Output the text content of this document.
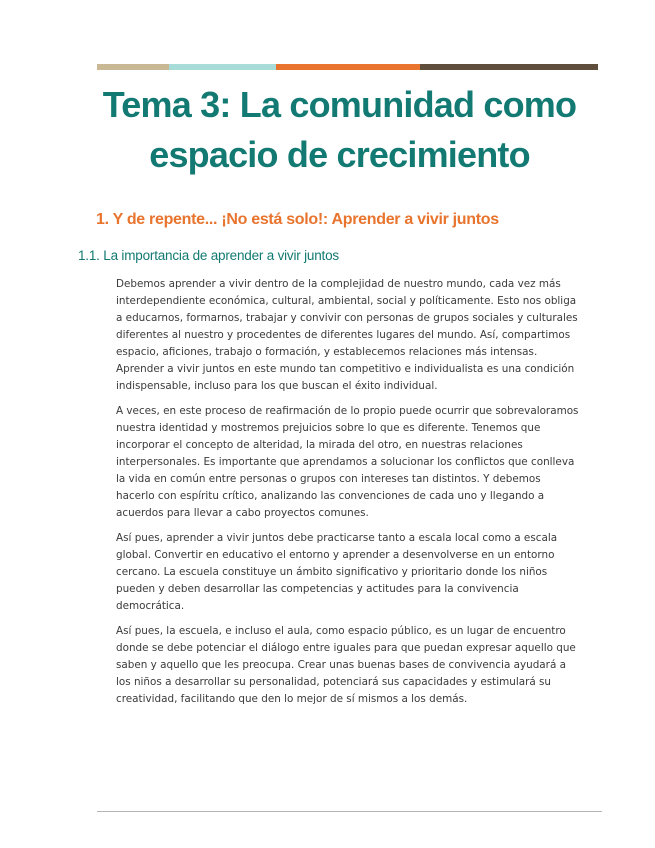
Tema 3: La comunidad como
espacio de crecimiento
1. Y de repente... ¡No está solo!: Aprender a vivir juntos
1.1. La importancia de aprender a vivir juntos

Debemos aprender a vivir dentro de la complejidad de nuestro mundo, cada vez más interdependiente económica, cultural, ambiental, social y políticamente. Esto nos obliga a educarnos, formarnos, trabajar y convivir con personas de grupos sociales y culturales diferentes al nuestro y procedentes de diferentes lugares del mundo. Así, compartimos espacio, aficiones, trabajo o formación, y establecemos relaciones más intensas. Aprender a vivir juntos en este mundo tan competitivo e individualista es una condición indispensable, incluso para los que buscan el éxito individual.

A veces, en este proceso de reafirmación de lo propio puede ocurrir que sobrevaloramos nuestra identidad y mostremos prejuicios sobre lo que es diferente. Tenemos que incorporar el concepto de alteridad, la mirada del otro, en nuestras relaciones interpersonales. Es importante que aprendamos a solucionar los conflictos que conlleva la vida en común entre personas o grupos con intereses tan distintos. Y debemos hacerlo con espíritu crítico, analizando las convenciones de cada uno y llegando a acuerdos para llevar a cabo proyectos comunes.

Así pues, aprender a vivir juntos debe practicarse tanto a escala local como a escala global. Convertir en educativo el entorno y aprender a desenvolverse en un entorno cercano. La escuela constituye un ámbito significativo y prioritario donde los niños pueden y deben desarrollar las competencias y actitudes para la convivencia democrática.

Así pues, la escuela, e incluso el aula, como espacio público, es un lugar de encuentro donde se debe potenciar el diálogo entre iguales para que puedan expresar aquello que saben y aquello que les preocupa. Crear unas buenas bases de convivencia ayudará a los niños a desarrollar su personalidad, potenciará sus capacidades y estimulará su creatividad, facilitando que den lo mejor de sí mismos a los demás.
